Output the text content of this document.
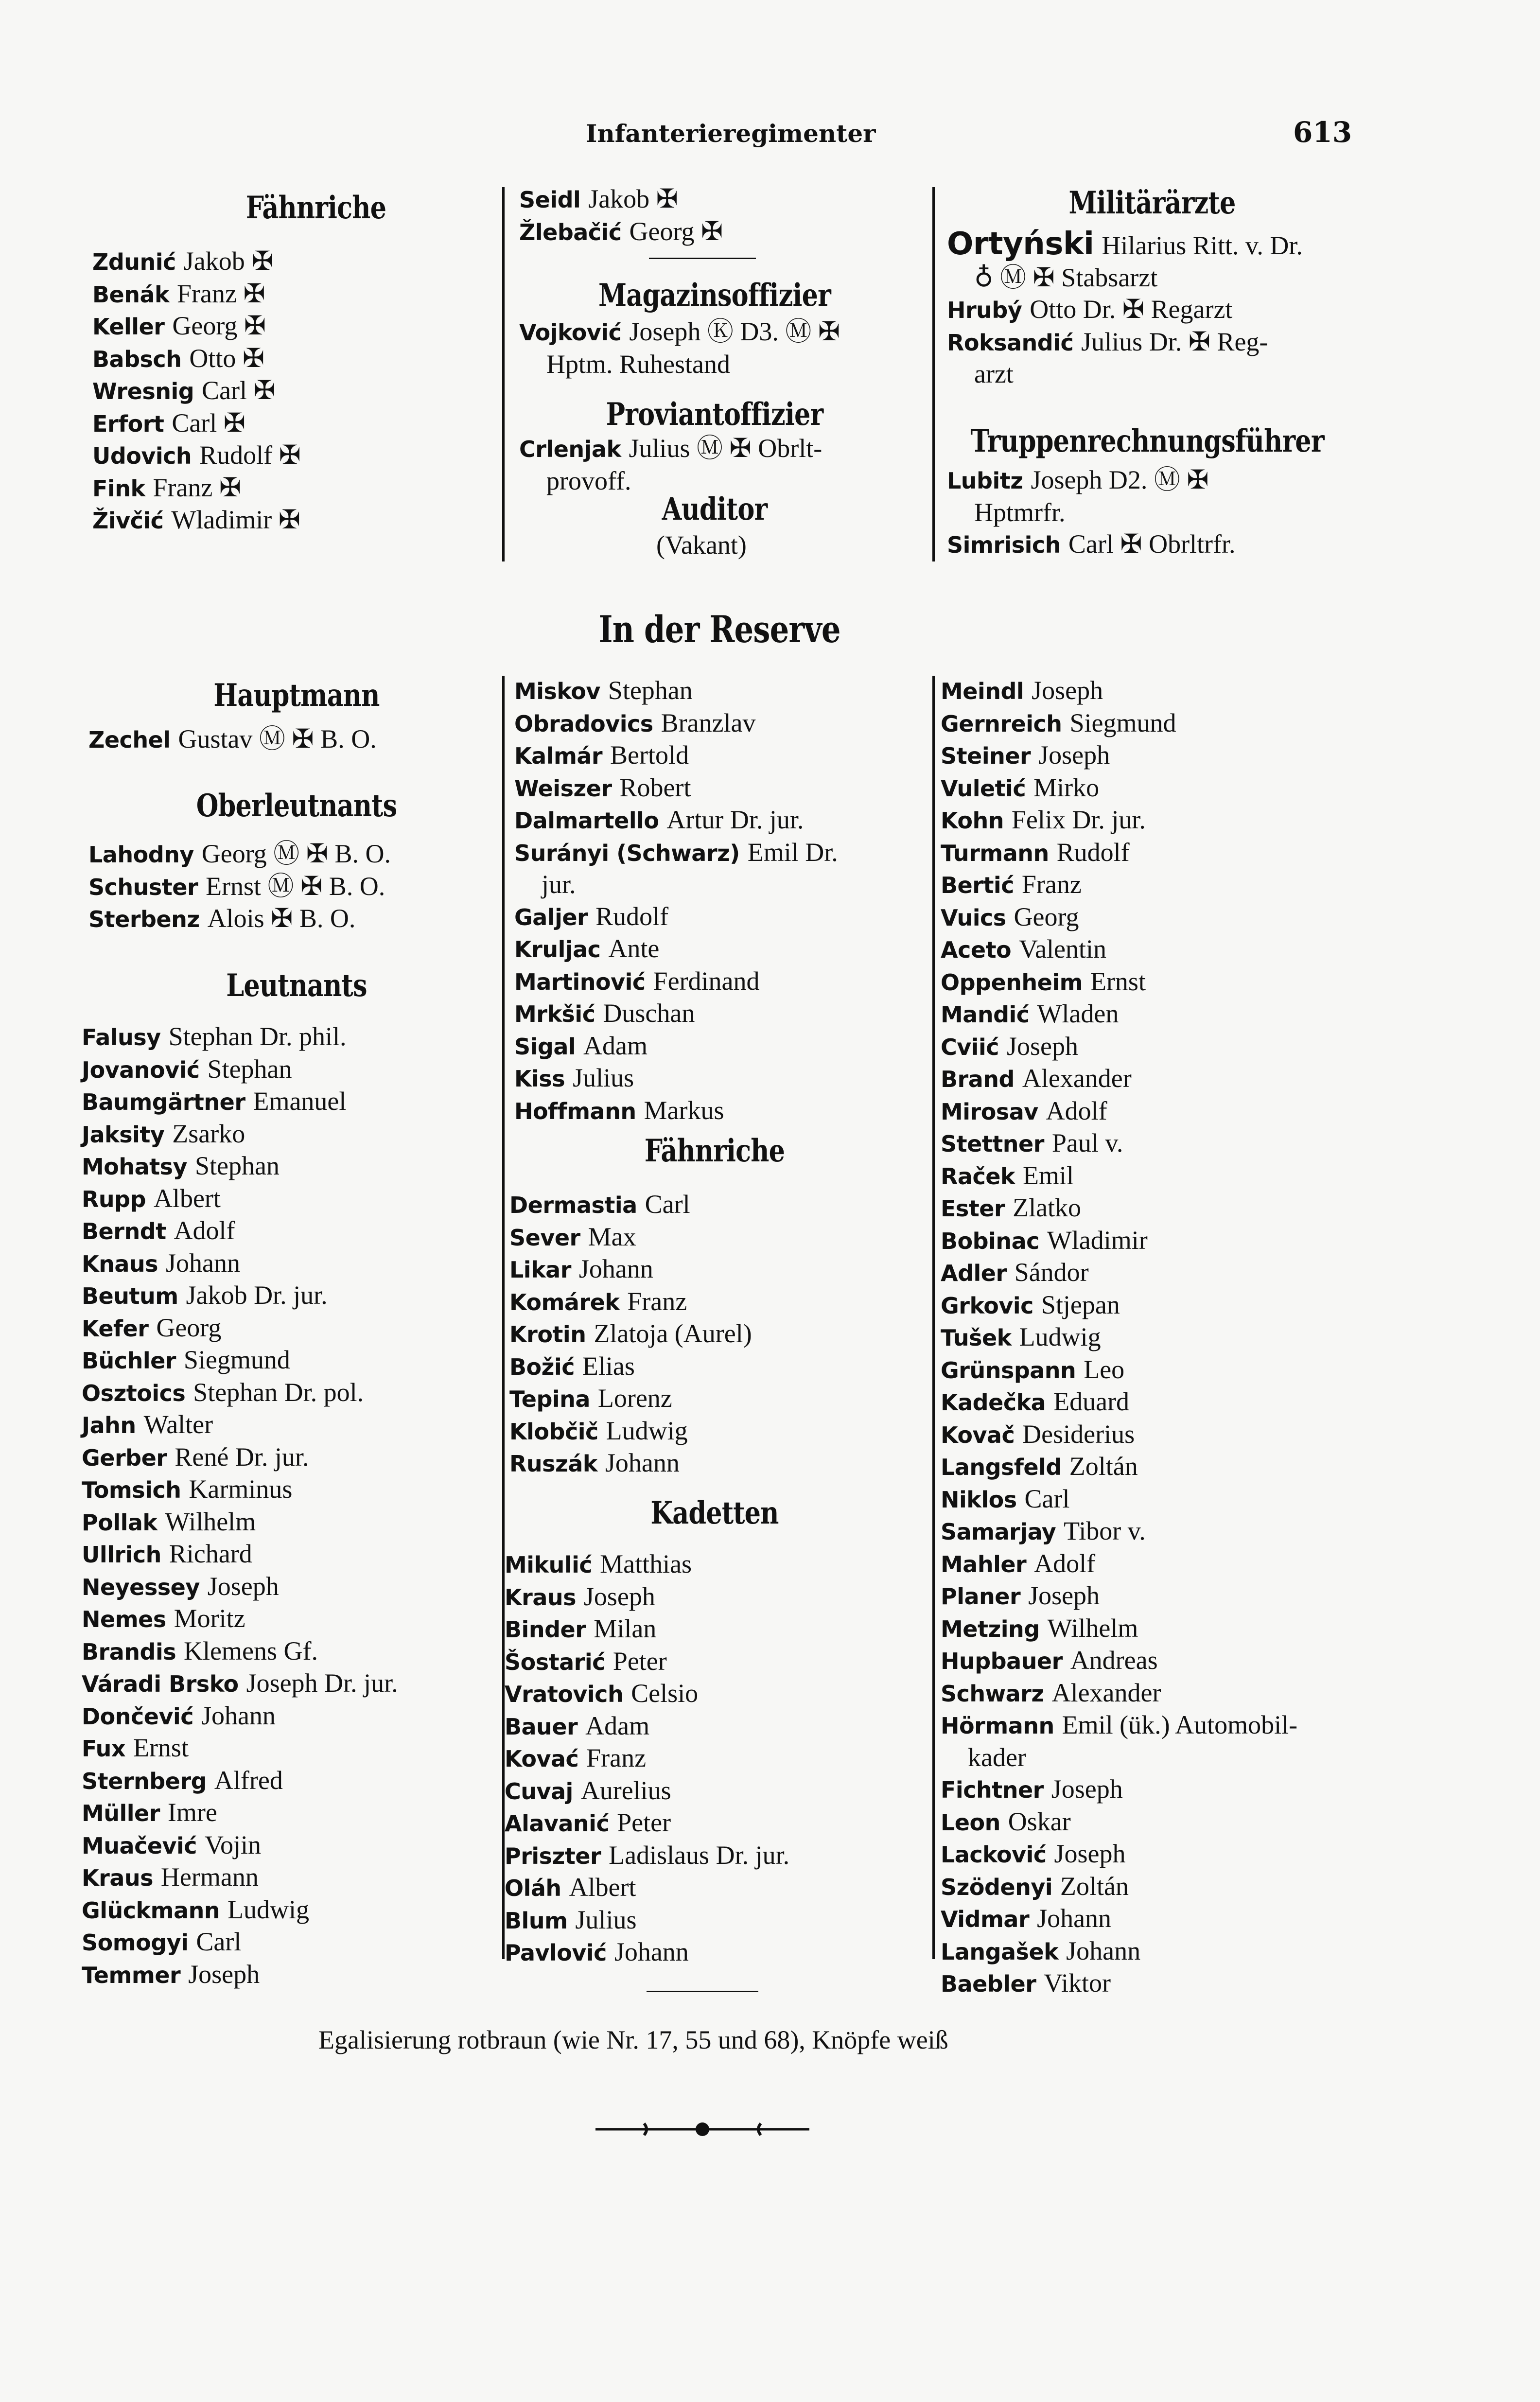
Infanterieregimenter	613
Fähnriche
Zdunić Jakob ✠
Benák Franz ✠
Keller Georg ✠
Babsch Otto ✠
Wresnig Carl ✠
Erfort Carl ✠
Udovich Rudolf ✠
Fink Franz ✠
Živčić Wladimir ✠
Seidl Jakob ✠
Žlebačić Georg ✠
Magazinsoffizier
Vojković Joseph Ⓚ D3. Ⓜ ✠
Hptm. Ruhestand
Proviantoffizier
Crlenjak Julius Ⓜ ✠ Obrlt-
provoff.
Auditor
(Vakant)
Militärärzte
Ortyński Hilarius Ritt. v. Dr.
♁ Ⓜ ✠ Stabsarzt
Hrubý Otto Dr. ✠ Regarzt
Roksandić Julius Dr. ✠ Reg-
arzt
Truppenrechnungsführer
Lubitz Joseph D2. Ⓜ ✠
Hptmrfr.
Simrisich Carl ✠ Obrltrfr.
In der Reserve
Hauptmann
Zechel Gustav Ⓜ ✠ B. O.
Oberleutnants
Lahodny Georg Ⓜ ✠ B. O.
Schuster Ernst Ⓜ ✠ B. O.
Sterbenz Alois ✠ B. O.
Leutnants
Falusy Stephan Dr. phil.
Jovanović Stephan
Baumgärtner Emanuel
Jaksity Zsarko
Mohatsy Stephan
Rupp Albert
Berndt Adolf
Knaus Johann
Beutum Jakob Dr. jur.
Kefer Georg
Büchler Siegmund
Osztoics Stephan Dr. pol.
Jahn Walter
Gerber René Dr. jur.
Tomsich Karminus
Pollak Wilhelm
Ullrich Richard
Neyessey Joseph
Nemes Moritz
Brandis Klemens Gf.
Váradi Brsko Joseph Dr. jur.
Dončević Johann
Fux Ernst
Sternberg Alfred
Müller Imre
Muačević Vojin
Kraus Hermann
Glückmann Ludwig
Somogyi Carl
Temmer Joseph
Miskov Stephan
Obradovics Branzlav
Kalmár Bertold
Weiszer Robert
Dalmartello Artur Dr. jur.
Surányi (Schwarz) Emil Dr.
jur.
Galjer Rudolf
Kruljac Ante
Martinović Ferdinand
Mrkšić Duschan
Sigal Adam
Kiss Julius
Hoffmann Markus
Fähnriche
Dermastia Carl
Sever Max
Likar Johann
Komárek Franz
Krotin Zlatoja (Aurel)
Božić Elias
Tepina Lorenz
Klobčič Ludwig
Ruszák Johann
Kadetten
Mikulić Matthias
Kraus Joseph
Binder Milan
Šostarić Peter
Vratovich Celsio
Bauer Adam
Kovać Franz
Cuvaj Aurelius
Alavanić Peter
Priszter Ladislaus Dr. jur.
Oláh Albert
Blum Julius
Pavlović Johann
Meindl Joseph
Gernreich Siegmund
Steiner Joseph
Vuletić Mirko
Kohn Felix Dr. jur.
Turmann Rudolf
Bertić Franz
Vuics Georg
Aceto Valentin
Oppenheim Ernst
Mandić Wladen
Cviić Joseph
Brand Alexander
Mirosav Adolf
Stettner Paul v.
Raček Emil
Ester Zlatko
Bobinac Wladimir
Adler Sándor
Grkovic Stjepan
Tušek Ludwig
Grünspann Leo
Kadečka Eduard
Kovač Desiderius
Langsfeld Zoltán
Niklos Carl
Samarjay Tibor v.
Mahler Adolf
Planer Joseph
Metzing Wilhelm
Hupbauer Andreas
Schwarz Alexander
Hörmann Emil (ük.) Automobil-
kader
Fichtner Joseph
Leon Oskar
Lacković Joseph
Szödenyi Zoltán
Vidmar Johann
Langašek Johann
Baebler Viktor
Egalisierung rotbraun (wie Nr. 17, 55 und 68), Knöpfe weiß
